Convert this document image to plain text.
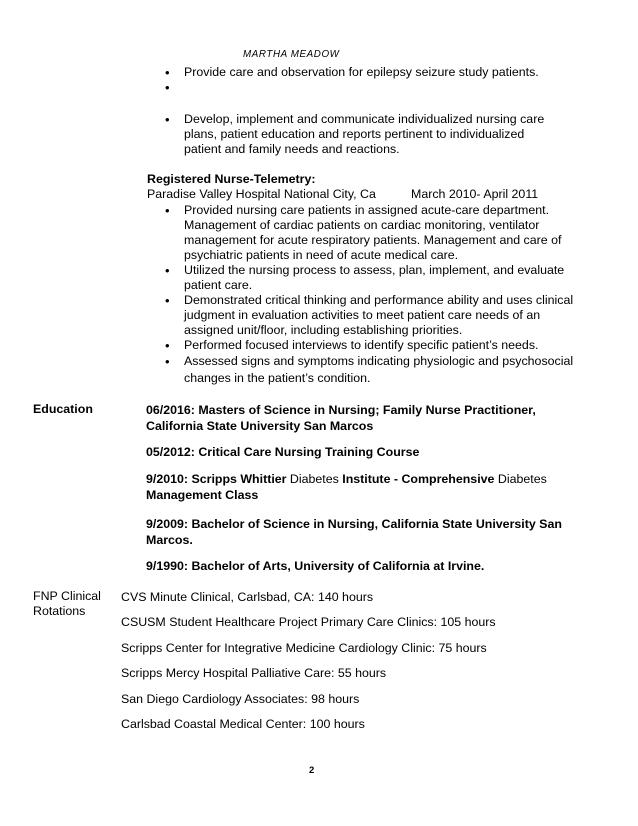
MARTHA MEADOW
• Provide care and observation for epilepsy seizure study patients.
•
• Develop, implement and communicate individualized nursing care plans, patient education and reports pertinent to individualized patient and family needs and reactions.
Registered Nurse-Telemetry:
Paradise Valley Hospital National City, Ca	March 2010- April 2011
• Provided nursing care patients in assigned acute-care department. Management of cardiac patients on cardiac monitoring, ventilator management for acute respiratory patients. Management and care of psychiatric patients in need of acute medical care.
• Utilized the nursing process to assess, plan, implement, and evaluate patient care.
• Demonstrated critical thinking and performance ability and uses clinical judgment in evaluation activities to meet patient care needs of an assigned unit/floor, including establishing priorities.
• Performed focused interviews to identify specific patient’s needs.
• Assessed signs and symptoms indicating physiologic and psychosocial changes in the patient’s condition.
Education	06/2016: Masters of Science in Nursing; Family Nurse Practitioner, California State University San Marcos
05/2012: Critical Care Nursing Training Course
9/2010: Scripps Whittier Diabetes Institute - Comprehensive Diabetes Management Class
9/2009: Bachelor of Science in Nursing, California State University San Marcos.
9/1990: Bachelor of Arts, University of California at Irvine.
FNP Clinical Rotations
CVS Minute Clinical, Carlsbad, CA: 140 hours
CSUSM Student Healthcare Project Primary Care Clinics: 105 hours
Scripps Center for Integrative Medicine Cardiology Clinic: 75 hours
Scripps Mercy Hospital Palliative Care: 55 hours
San Diego Cardiology Associates: 98 hours
Carlsbad Coastal Medical Center: 100 hours
2
